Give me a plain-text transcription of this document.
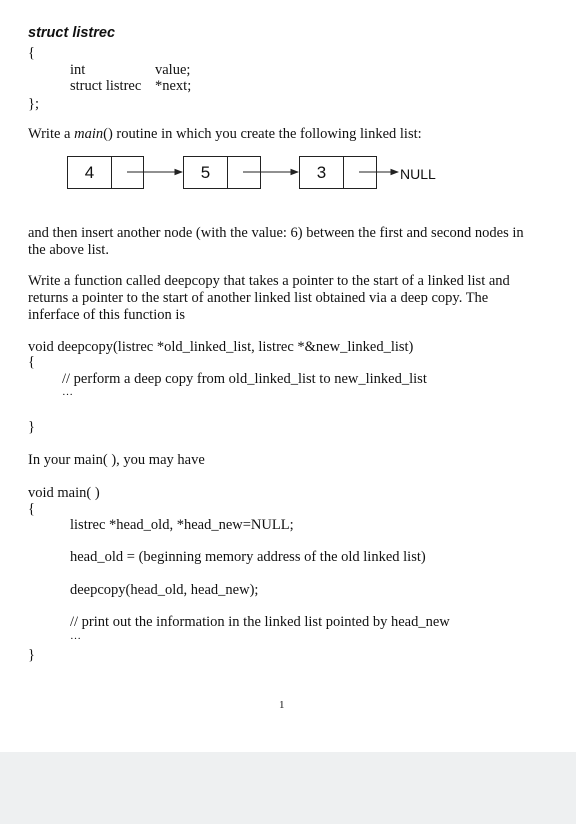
struct listrec
{
int	value;
struct listrec *next;
};
Write a main() routine in which you create the following linked list:
4	5	3	NULL
and then insert another node (with the value: 6) between the first and second nodes in the above list.
Write a function called deepcopy that takes a pointer to the start of a linked list and returns a pointer to the start of another linked list obtained via a deep copy. The inferface of this function is
void deepcopy(listrec *old_linked_list, listrec *&new_linked_list)
{
// perform a deep copy from old_linked_list to new_linked_list
…
}
In your main( ), you may have
void main( )
{
listrec *head_old, *head_new=NULL;
head_old = (beginning memory address of the old linked list)
deepcopy(head_old, head_new);
// print out the information in the linked list pointed by head_new
…
}
1
